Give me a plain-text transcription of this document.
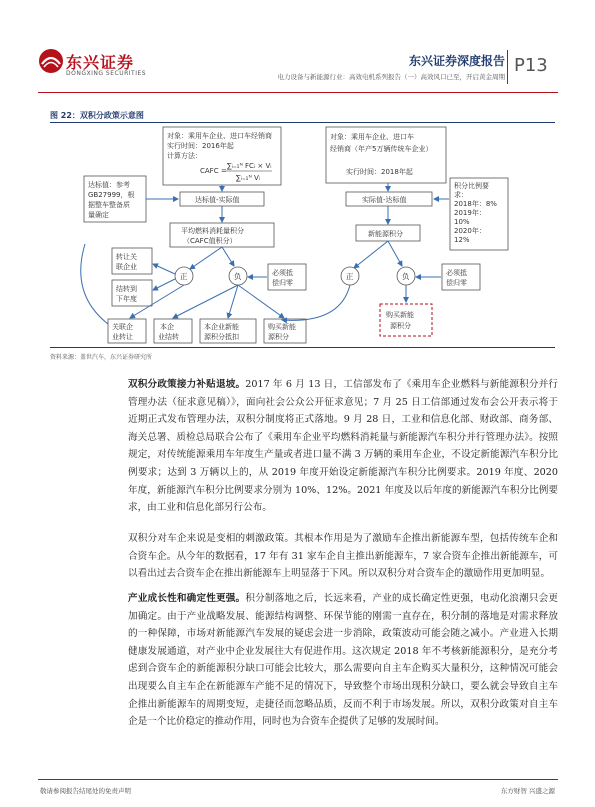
东兴证券
DONGXING SECURITIES
东兴证券深度报告
电力设备与新能源行业：高效电机系列报告（一）高效风口已至，开启黄金周期
P13
图 22：双积分政策示意图
对象：乘用车企业、进口车经销商
实行时间：2016年起
计算方法：
CAFC =
∑ᵢ₌₁ᴺ FCᵢ × Vᵢ
∑ᵢ₌₁ᴺ Vᵢ
达标值：参考
GB27999，根
据整车整备质
量确定
达标值-实际值
平均燃料消耗量积分
（CAFC值积分）
正	负
转让关
联企业
结转到
下年度
必须抵
偿归零
关联企
业转让
本企
业结转
本企业新能
源积分抵扣
购买新能
源积分
对象：乘用车企业、进口车
经销商（年产5万辆传统车企业）
实行时间：2018年起
积分比例要
求：
2018年：8%
2019年：
10%
2020年：
12%
实际值-达标值
新能源积分
正	负	必须抵
偿归零
购买新能
源积分
资料来源：盖世汽车，东兴证券研究所
双积分政策接力补贴退坡。2017 年 6 月 13 日，工信部发布了《乘用车企业燃料与新能源积分并行管理办法（征求意见稿）》，面向社会公众公开征求意见；7 月 25 日工信部通过发布会公开表示将于近期正式发布管理办法，双积分制度将正式落地。9 月 28 日，工业和信息化部、财政部、商务部、海关总署、质检总局联合公布了《乘用车企业平均燃料消耗量与新能源汽车积分并行管理办法》。按照规定，对传统能源乘用车年度生产量或者进口量不满 3 万辆的乘用车企业，不设定新能源汽车积分比例要求；达到 3 万辆以上的，从 2019 年度开始设定新能源汽车积分比例要求。2019 年度、2020 年度，新能源汽车积分比例要求分别为 10%、12%。2021 年度及以后年度的新能源汽车积分比例要求，由工业和信息化部另行公布。
双积分对车企来说是变相的刺激政策。其根本作用是为了激励车企推出新能源车型，包括传统车企和合资车企。从今年的数据看，17 年有 31 家车企自主推出新能源车，7 家合资车企推出新能源车，可以看出过去合资车企在推出新能源车上明显落于下风。所以双积分对合资车企的激励作用更加明显。
产业成长性和确定性更强。积分制落地之后，长远来看，产业的成长确定性更强，电动化浪潮只会更加确定。由于产业战略发展、能源结构调整、环保节能的刚需一直存在，积分制的落地是对需求释放的一种保障，市场对新能源汽车发展的疑虑会进一步消除，政策波动可能会随之减小。产业进入长期健康发展通道，对产业中企业发展往大有促进作用。这次规定 2018 年不考核新能源积分，是充分考虑到合资车企的新能源积分缺口可能会比较大，那么需要向自主车企购买大量积分，这种情况可能会出现要么自主车企在新能源车产能不足的情况下，导致整个市场出现积分缺口，要么就会导致自主车企推出新能源车的周期变短，走捷径而忽略品质，反而不利于市场发展。所以，双积分政策对自主车企是一个比价稳定的推动作用，同时也为合资车企提供了足够的发展时间。
敬请参阅报告结尾处的免责声明	东方财智 兴盛之源
